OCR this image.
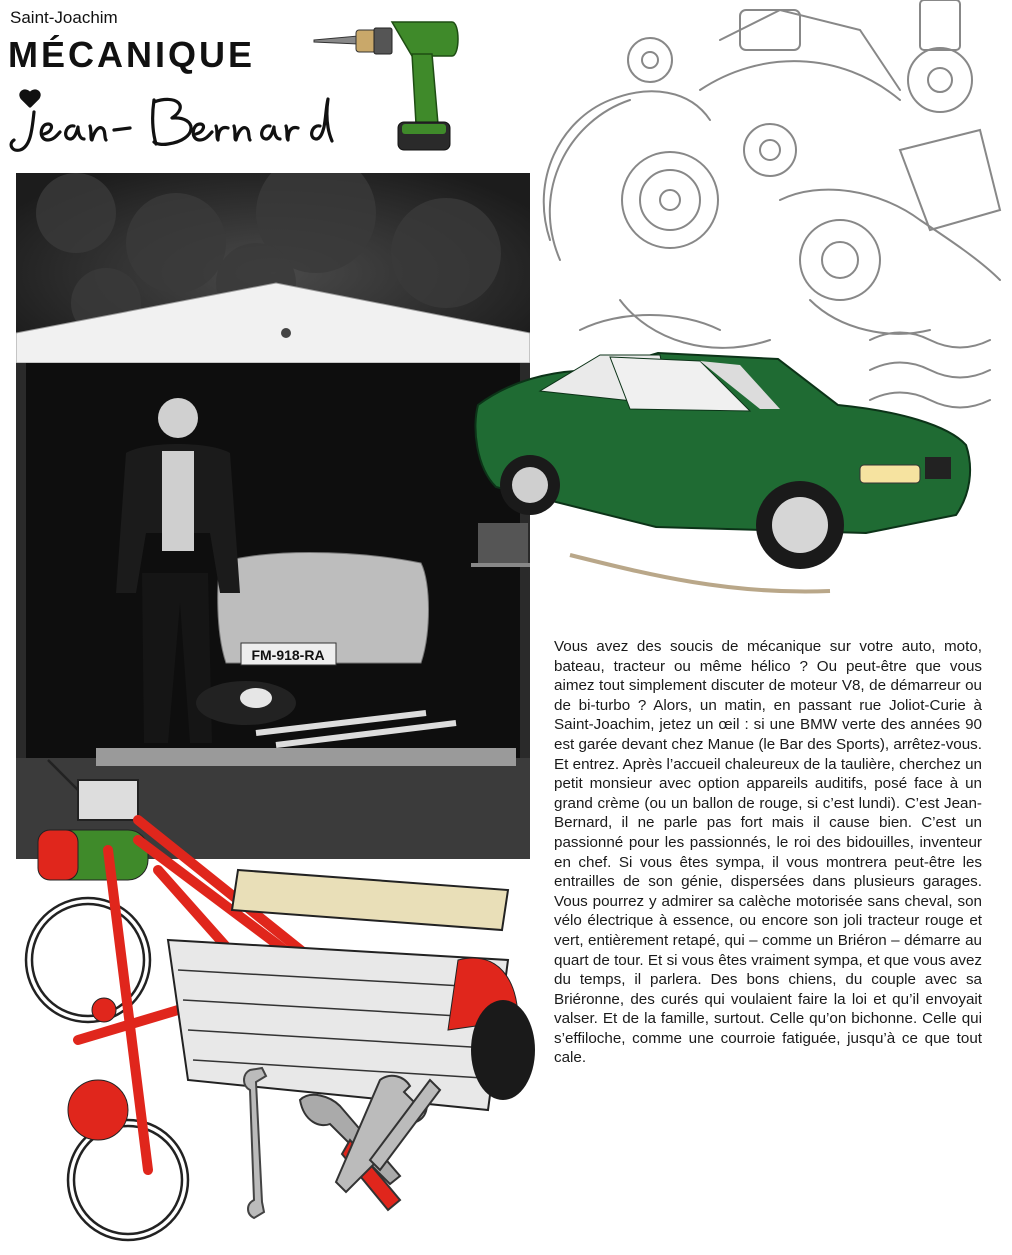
Saint-Joachim
MÉCANIQUE
FM-918-RA	Vous avez des soucis de mécanique sur votre auto, moto, bateau, tracteur ou même hélico ? Ou peut-être que vous aimez tout simplement discuter de moteur V8, de démarreur ou de bi-turbo ? Alors, un matin, en passant rue Joliot-Curie à Saint-Joachim, jetez un œil : si une BMW verte des années 90 est garée devant chez Manue (le Bar des Sports), arrêtez-vous. Et entrez. Après l’accueil chaleureux de la taulière, cherchez un petit monsieur avec option appareils auditifs, posé face à un grand crème (ou un ballon de rouge, si c’est lundi). C’est Jean-Bernard, il ne parle pas fort mais il cause bien. C’est un passionné pour les passionnés, le roi des bidouilles, inventeur en chef. Si vous êtes sympa, il vous montrera peut-être les entrailles de son génie, dispersées dans plusieurs garages. Vous pourrez y admirer sa calèche motorisée sans cheval, son vélo électrique à essence, ou encore son joli tracteur rouge et vert, entièrement retapé, qui – comme un Briéron – démarre au quart de tour. Et si vous êtes vraiment sympa, et que vous avez du temps, il parlera. Des bons chiens, du couple avec sa Briéronne, des curés qui voulaient faire la loi et qu’il envoyait valser. Et de la famille, surtout. Celle qu’on bichonne. Celle qui s’effiloche, comme une courroie fatiguée, jusqu’à ce que tout cale.
